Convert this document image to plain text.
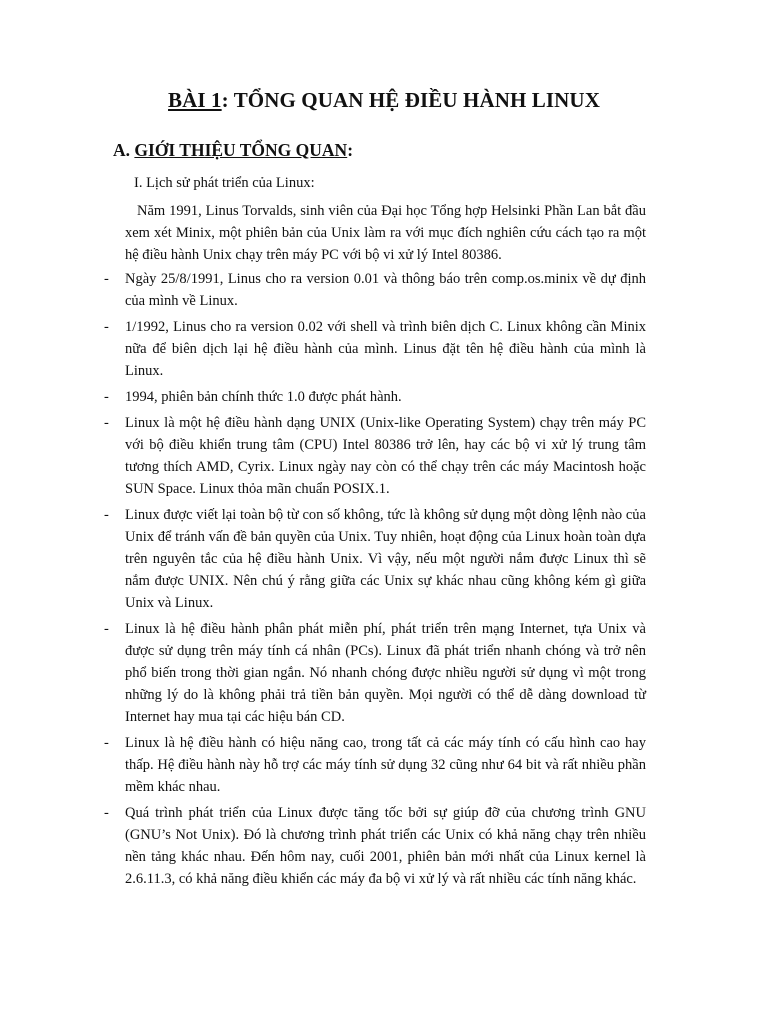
BÀI 1: TỔNG QUAN HỆ ĐIỀU HÀNH LINUX
A. GIỚI THIỆU TỔNG QUAN:
I. Lịch sử phát triển của Linux:

Năm 1991, Linus Torvalds, sinh viên của Đại học Tổng hợp Helsinki Phần Lan bắt đầu xem xét Minix, một phiên bản của Unix làm ra với mục đích nghiên cứu cách tạo ra một hệ điều hành Unix chạy trên máy PC với bộ vi xử lý Intel 80386.

- Ngày 25/8/1991, Linus cho ra version 0.01 và thông báo trên comp.os.minix về dự định của mình về Linux.

- 1/1992, Linus cho ra version 0.02 với shell và trình biên dịch C. Linux không cần Minix nữa để biên dịch lại hệ điều hành của mình. Linus đặt tên hệ điều hành của mình là Linux.

- 1994, phiên bản chính thức 1.0 được phát hành.

- Linux là một hệ điều hành dạng UNIX (Unix-like Operating System) chạy trên máy PC với bộ điều khiển trung tâm (CPU) Intel 80386 trở lên, hay các bộ vi xử lý trung tâm tương thích AMD, Cyrix. Linux ngày nay còn có thể chạy trên các máy Macintosh hoặc SUN Space. Linux thỏa mãn chuẩn POSIX.1.

- Linux được viết lại toàn bộ từ con số không, tức là không sử dụng một dòng lệnh nào của Unix để tránh vấn đề bản quyền của Unix. Tuy nhiên, hoạt động của Linux hoàn toàn dựa trên nguyên tắc của hệ điều hành Unix. Vì vậy, nếu một người nắm được Linux thì sẽ nắm được UNIX. Nên chú ý rằng giữa các Unix sự khác nhau cũng không kém gì giữa Unix và Linux.

- Linux là hệ điều hành phân phát miễn phí, phát triển trên mạng Internet, tựa Unix và được sử dụng trên máy tính cá nhân (PCs). Linux đã phát triển nhanh chóng và trở nên phổ biến trong thời gian ngắn. Nó nhanh chóng được nhiều người sử dụng vì một trong những lý do là không phải trả tiền bản quyền. Mọi người có thể dễ dàng download từ Internet hay mua tại các hiệu bán CD.

- Linux là hệ điều hành có hiệu năng cao, trong tất cả các máy tính có cấu hình cao hay thấp. Hệ điều hành này hỗ trợ các máy tính sử dụng 32 cũng như 64 bit và rất nhiều phần mềm khác nhau.

- Quá trình phát triển của Linux được tăng tốc bởi sự giúp đỡ của chương trình GNU (GNU’s Not Unix). Đó là chương trình phát triển các Unix có khả năng chạy trên nhiều nền tảng khác nhau. Đến hôm nay, cuối 2001, phiên bản mới nhất của Linux kernel là 2.6.11.3, có khả năng điều khiển các máy đa bộ vi xử lý và rất nhiều các tính năng khác.
